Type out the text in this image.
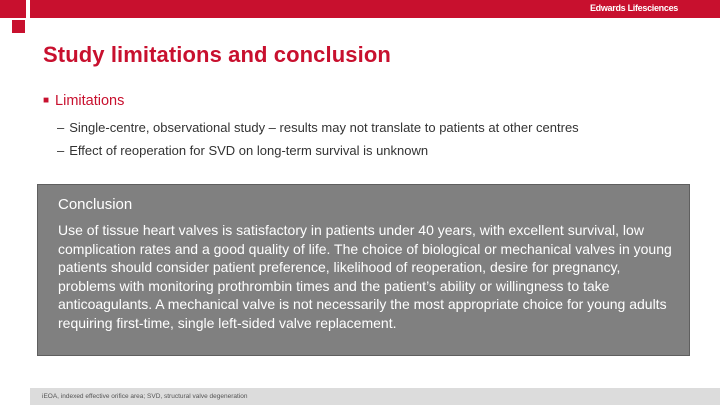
Edwards Lifesciences
Study limitations and conclusion
■ Limitations
– Single-centre, observational study – results may not translate to patients at other centres
– Effect of reoperation for SVD on long-term survival is unknown
Conclusion

Use of tissue heart valves is satisfactory in patients under 40 years, with excellent survival, low complication rates and a good quality of life. The choice of biological or mechanical valves in young patients should consider patient preference, likelihood of reoperation, desire for pregnancy, problems with monitoring prothrombin times and the patient’s ability or willingness to take anticoagulants. A mechanical valve is not necessarily the most appropriate choice for young adults requiring first-time, single left-sided valve replacement.

iEOA, indexed effective orifice area; SVD, structural valve degeneration
